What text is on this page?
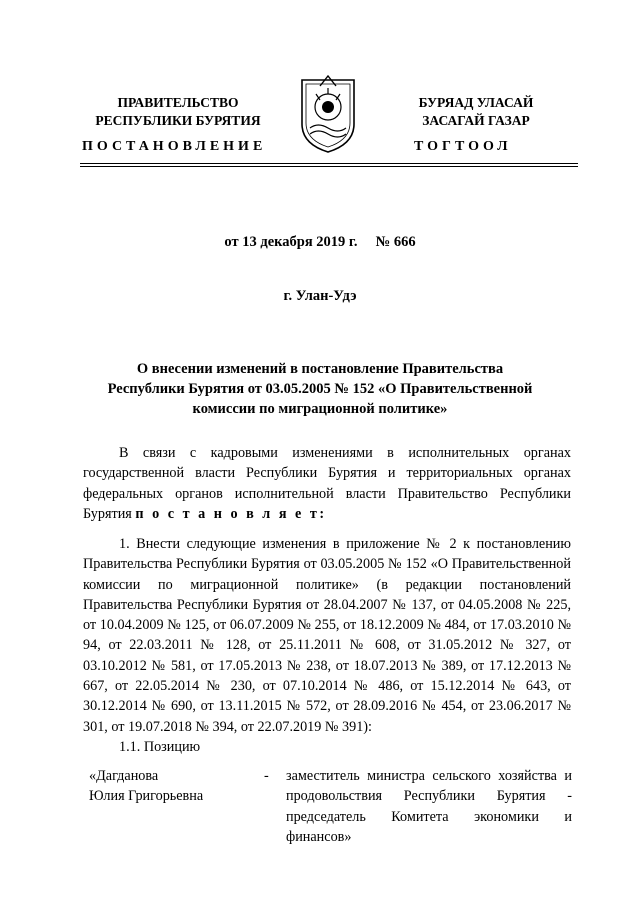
ПРАВИТЕЛЬСТВО
РЕСПУБЛИКИ БУРЯТИЯ
БУРЯАД УЛАСАЙ
ЗАСАГАЙ ГАЗАР
ПОСТАНОВЛЕНИЕ	ТОГТООЛ
от 13 декабря 2019 г.     № 666
г. Улан-Удэ
О внесении изменений в постановление Правительства
Республики Бурятия от 03.05.2005 № 152 «О Правительственной
комиссии по миграционной политике»
В связи с кадровыми изменениями в исполнительных органах государственной власти Республики Бурятия и территориальных органах федеральных органов исполнительной власти Правительство Республики Бурятия п о с т а н о в л я е т:
1. Внести следующие изменения в приложение № 2 к постановлению Правительства Республики Бурятия от 03.05.2005 № 152 «О Правительственной комиссии по миграционной политике» (в редакции постановлений Правительства Республики Бурятия от 28.04.2007 № 137, от 04.05.2008 № 225, от 10.04.2009 № 125, от 06.07.2009 № 255, от 18.12.2009 № 484, от 17.03.2010 № 94, от 22.03.2011 № 128, от 25.11.2011 № 608, от 31.05.2012 № 327, от 03.10.2012 № 581, от 17.05.2013 № 238, от 18.07.2013 № 389, от 17.12.2013 № 667, от 22.05.2014 № 230, от 07.10.2014 № 486, от 15.12.2014 № 643, от 30.12.2014 № 690, от 13.11.2015 № 572, от 28.09.2016 № 454, от 23.06.2017 № 301, от 19.07.2018 № 394, от 22.07.2019 № 391):
1.1. Позицию
«Дагданова
Юлия Григорьевна
- заместитель министра сельского хозяйства и продовольствия Республики Бурятия - председатель Комитета экономики и финансов»
